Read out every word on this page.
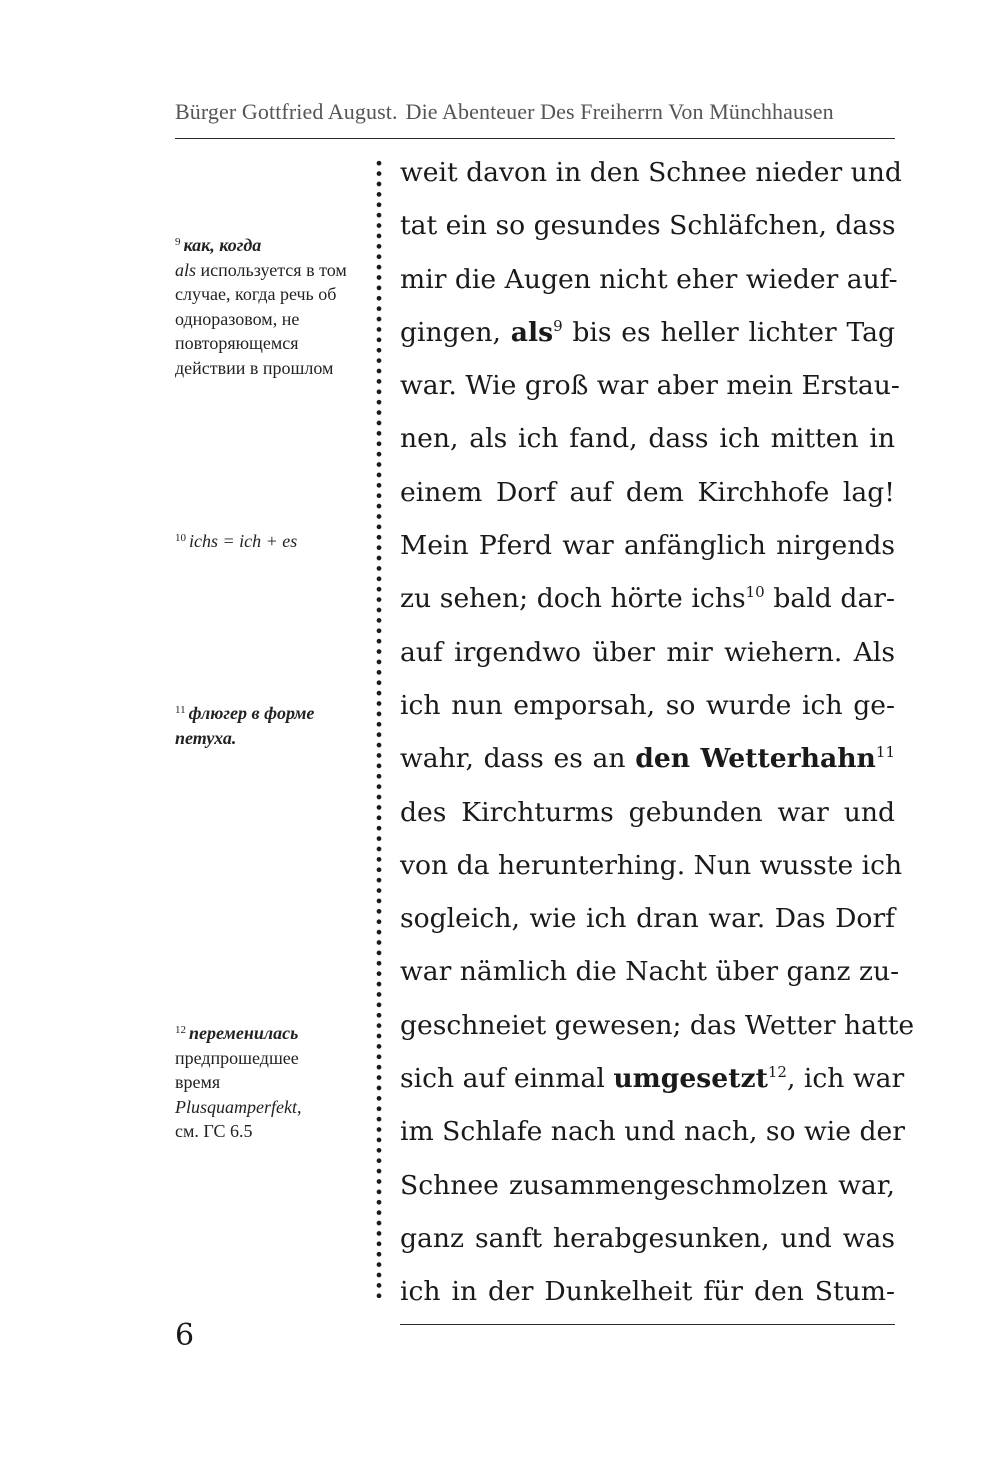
Bürger Gottfried August. Die Abenteuer Des Freiherrn Von Münchhausen
$^9$ как, когда
als используется в том случае, когда речь об одноразовом, не повторяющемся действии в прошлом
$^{10}$ ichs = ich + es
$^{11}$ флюгер в форме петуха.
$^{12}$ переменилась предпрошедшее время Plusquamperfekt, см. ГС 6.5
weit davon in den Schnee nieder und
tat ein so gesundes Schläfchen, dass
mir die Augen nicht eher wieder auf-
gingen, als$^9$ bis es heller lichter Tag
war. Wie groß war aber mein Erstau-
nen, als ich fand, dass ich mitten in
einem Dorf auf dem Kirchhofe lag!
Mein Pferd war anfänglich nirgends
zu sehen; doch hörte ichs$^{10}$ bald dar-
auf irgendwo über mir wiehern. Als
ich nun emporsah, so wurde ich ge-
wahr, dass es an den Wetterhahn$^{11}$
des Kirchturms gebunden war und
von da herunterhing. Nun wusste ich
sogleich, wie ich dran war. Das Dorf
war nämlich die Nacht über ganz zu-
geschneiet gewesen; das Wetter hatte
sich auf einmal umgesetzt$^{12}$, ich war
im Schlafe nach und nach, so wie der
Schnee zusammengeschmolzen war,
ganz sanft herabgesunken, und was
ich in der Dunkelheit für den Stum-
6
